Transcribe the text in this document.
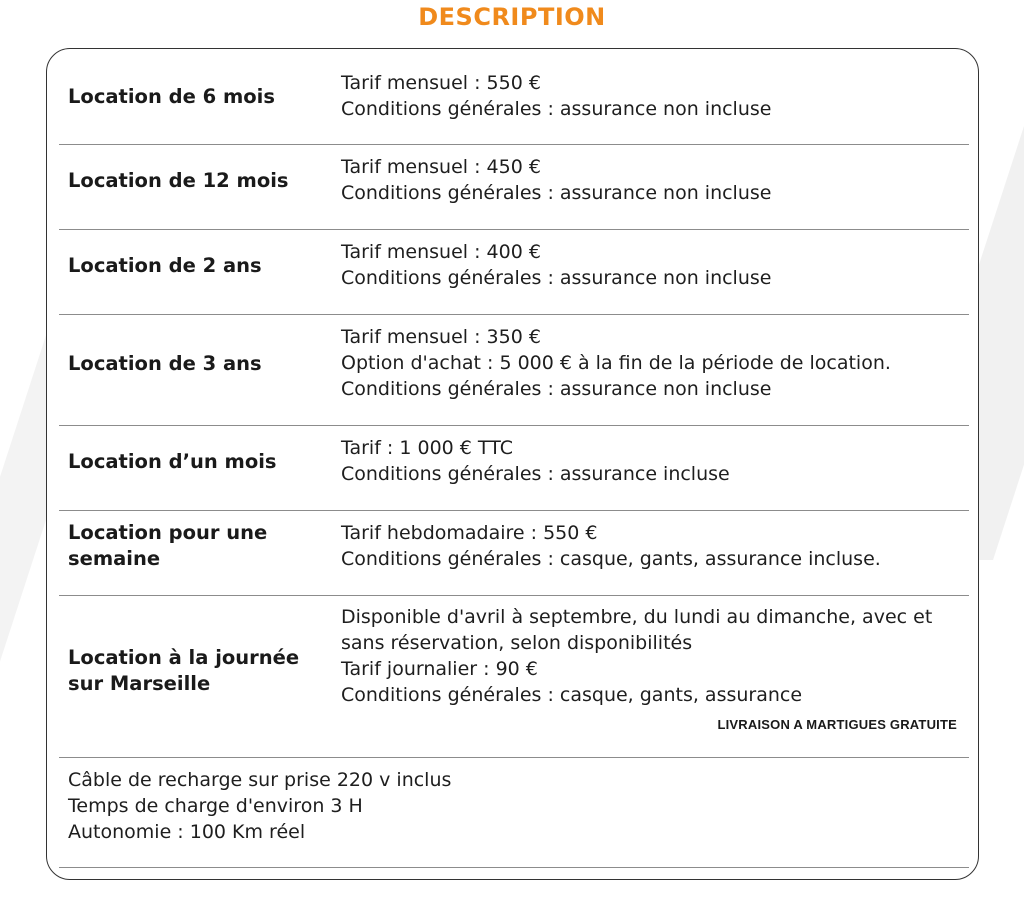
DESCRIPTION
Location de 6 mois
Tarif mensuel : 550 €
Conditions générales : assurance non incluse
Location de 12 mois
Tarif mensuel : 450 €
Conditions générales : assurance non incluse
Location de 2 ans
Tarif mensuel : 400 €
Conditions générales : assurance non incluse
Location de 3 ans
Tarif mensuel : 350 €
Option d'achat : 5 000 € à la fin de la période de location.
Conditions générales : assurance non incluse
Location d’un mois
Tarif : 1 000 € TTC
Conditions générales : assurance incluse
Location pour une semaine
Tarif hebdomadaire : 550 €
Conditions générales : casque, gants, assurance incluse.
Location à la journée sur Marseille
Disponible d'avril à septembre, du lundi au dimanche, avec et sans réservation, selon disponibilités
Tarif journalier : 90 €
Conditions générales : casque, gants, assurance
LIVRAISON A MARTIGUES GRATUITE
Câble de recharge sur prise 220 v inclus
Temps de charge d'environ 3 H
Autonomie : 100 Km réel
